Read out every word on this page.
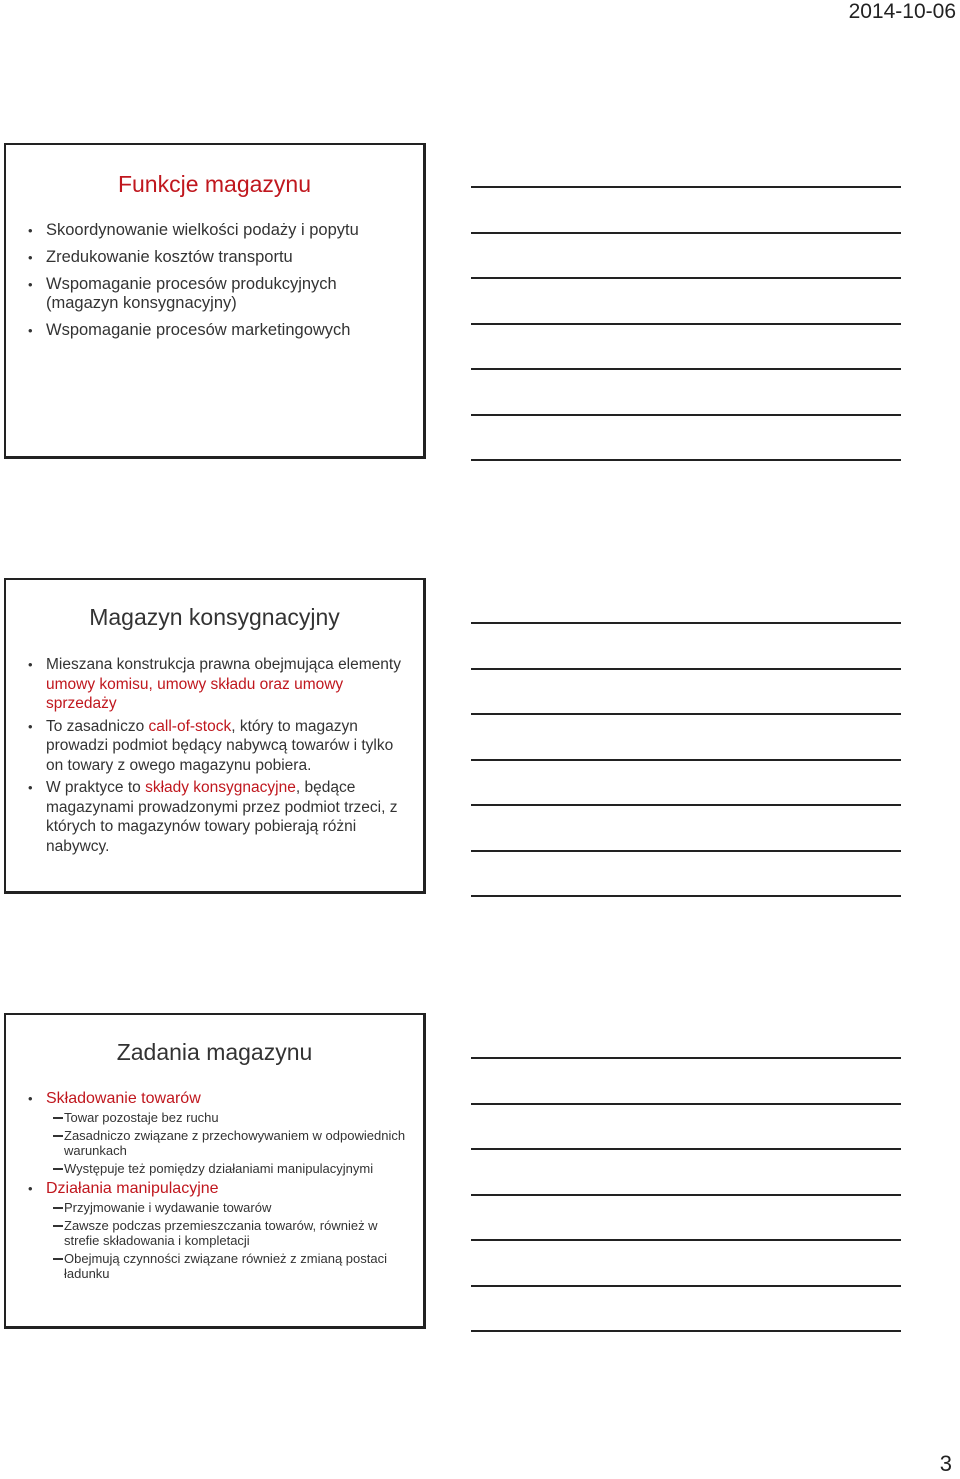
2014-10-06
Funkcje magazynu
• Skoordynowanie wielkości podaży i popytu
• Zredukowanie kosztów transportu
• Wspomaganie procesów produkcyjnych (magazyn konsygnacyjny)
• Wspomaganie procesów marketingowych
Magazyn konsygnacyjny
• Mieszana konstrukcja prawna obejmująca elementy umowy komisu, umowy składu oraz umowy sprzedaży
• To zasadniczo call-of-stock, który to magazyn prowadzi podmiot będący nabywcą towarów i tylko on towary z owego magazynu pobiera.
• W praktyce to składy konsygnacyjne, będące magazynami prowadzonymi przez podmiot trzeci, z których to magazynów towary pobierają różni nabywcy.
Zadania magazynu
• Składowanie towarów
Towar pozostaje bez ruchu
Zasadniczo związane z przechowywaniem w odpowiednich warunkach
Występuje też pomiędzy działaniami manipulacyjnymi
• Działania manipulacyjne
Przyjmowanie i wydawanie towarów
Zawsze podczas przemieszczania towarów, również w strefie składowania i kompletacji
Obejmują czynności związane również z zmianą postaci ładunku
3
